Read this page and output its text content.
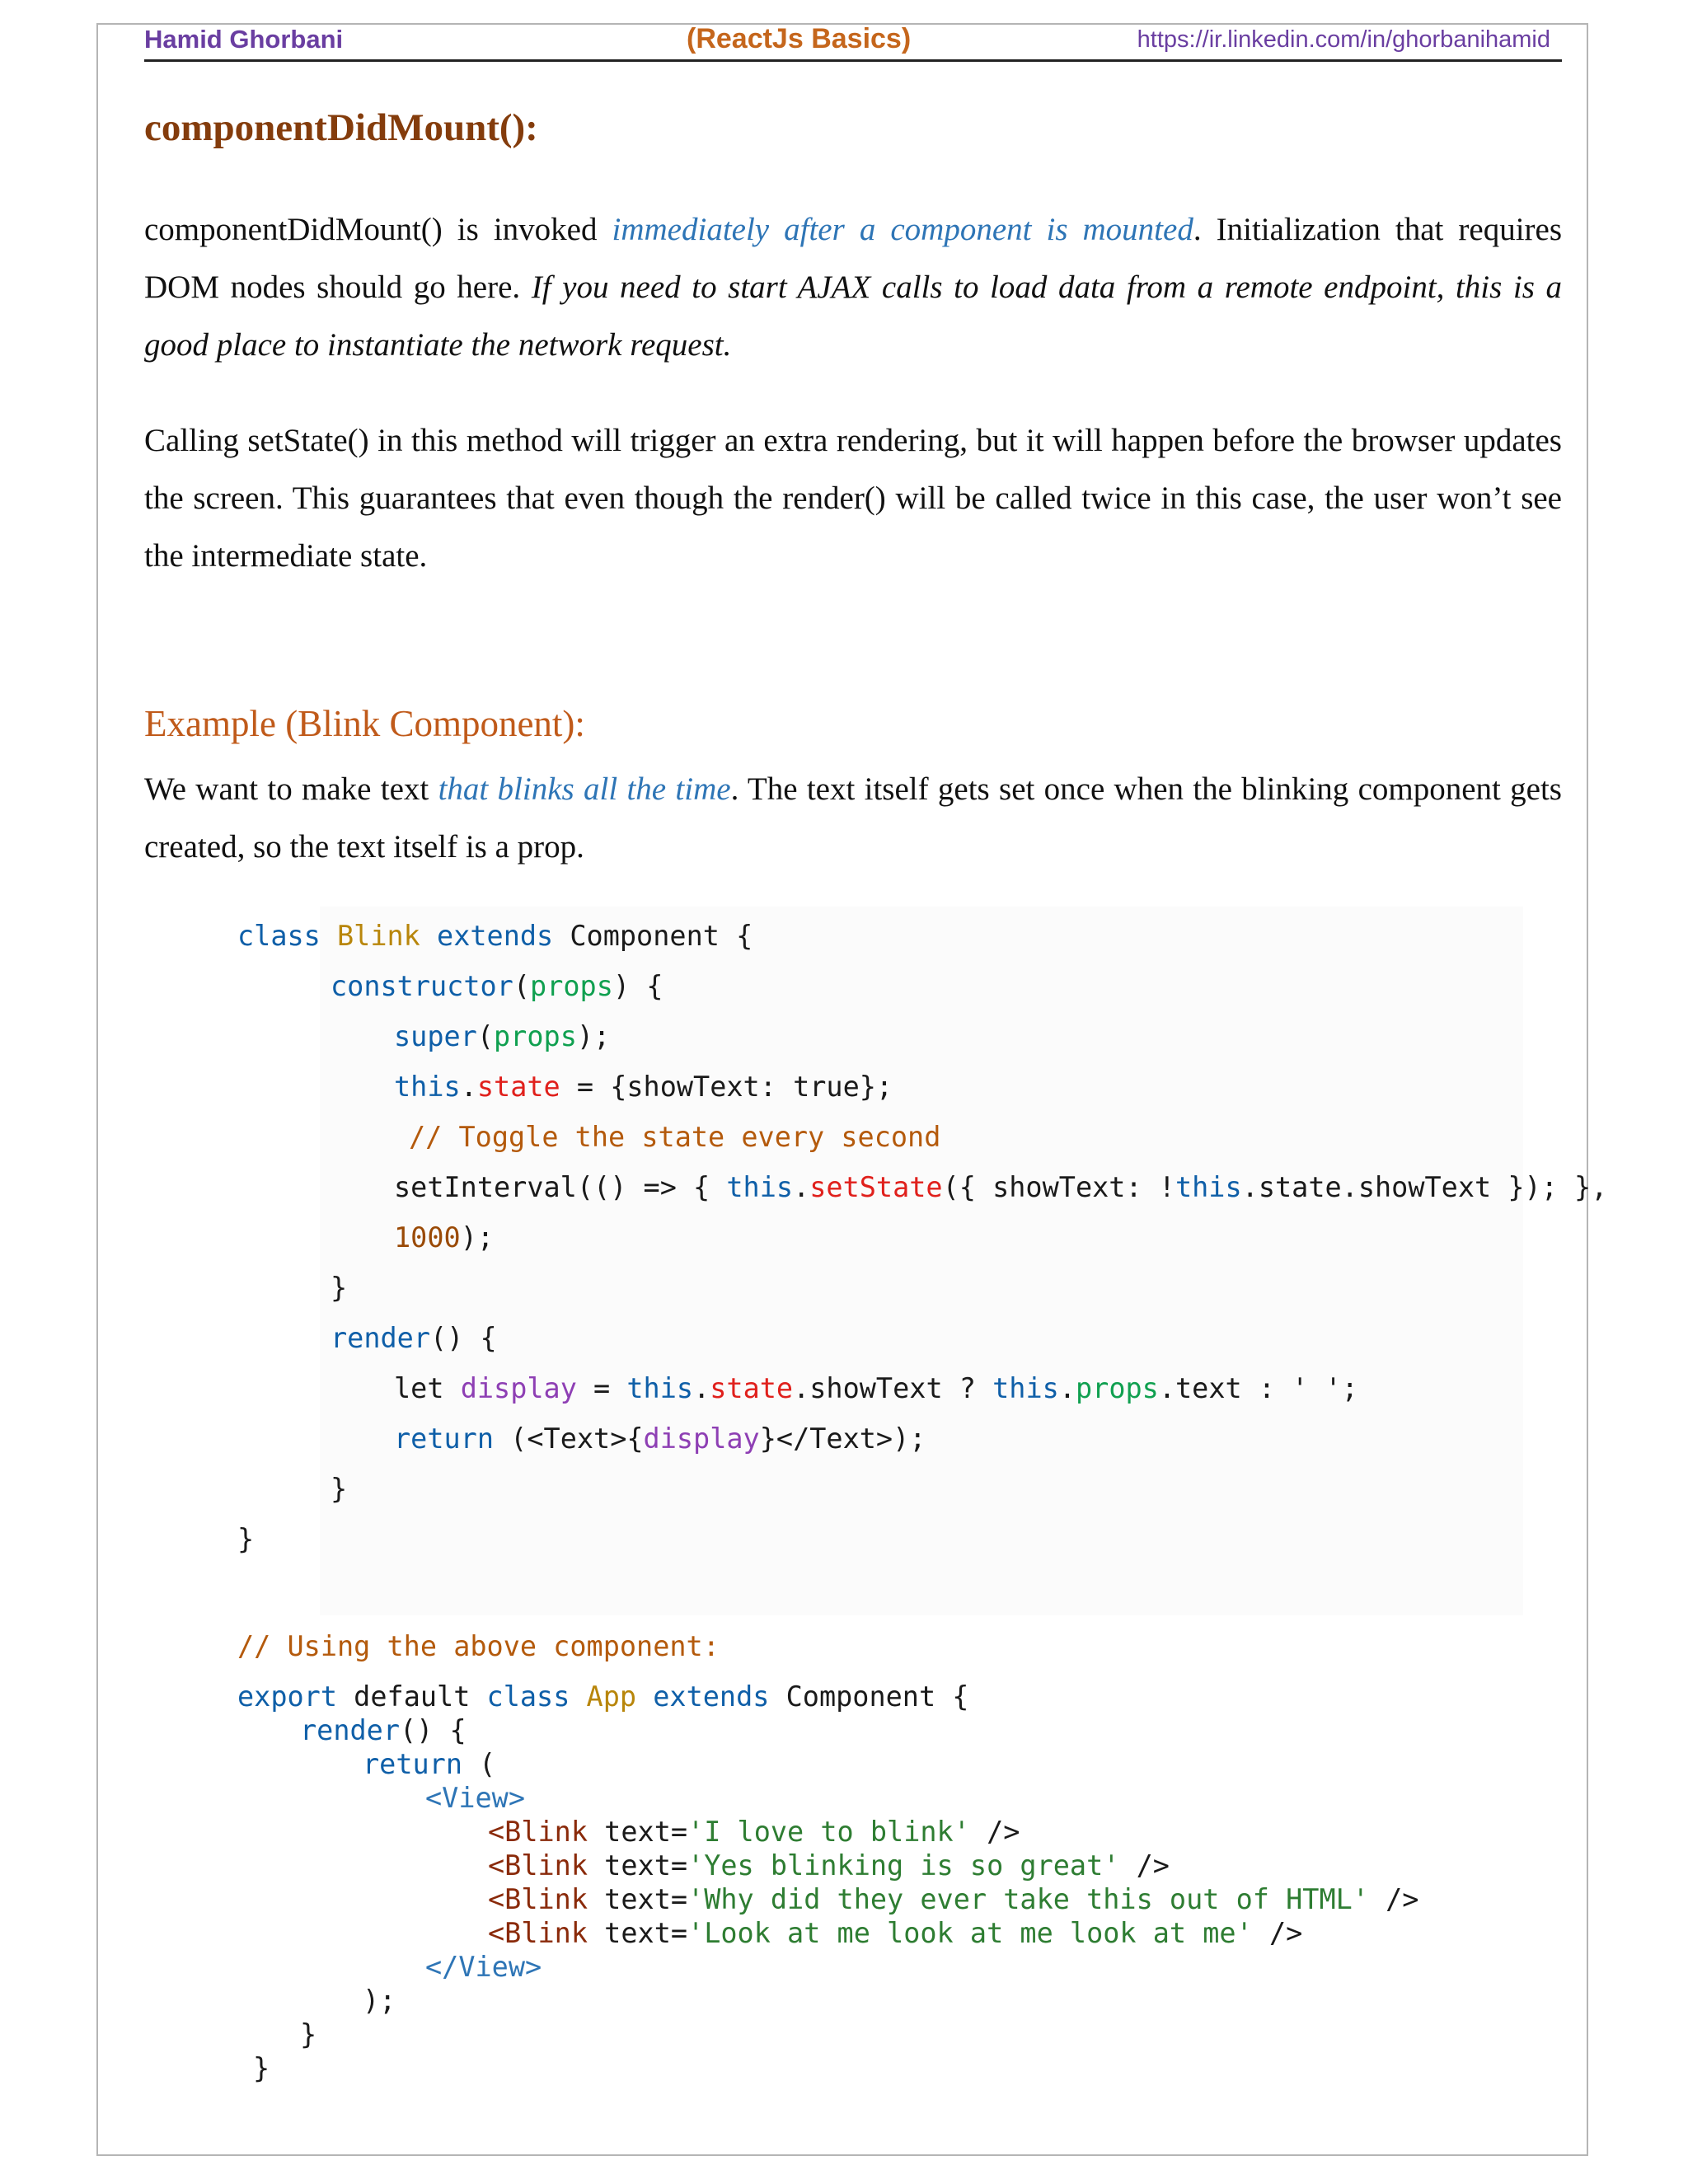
Hamid Ghorbani	(ReactJs Basics)	https://ir.linkedin.com/in/ghorbanihamid
componentDidMount():
componentDidMount() is invoked immediately after a component is mounted. Initialization that requires DOM nodes should go here. If you need to start AJAX calls to load data from a remote endpoint, this is a good place to instantiate the network request.
Calling setState() in this method will trigger an extra rendering, but it will happen before the browser updates the screen. This guarantees that even though the render() will be called twice in this case, the user won’t see the intermediate state.
Example (Blink Component):
We want to make text that blinks all the time. The text itself gets set once when the blinking component gets created, so the text itself is a prop.

class Blink extends Component {

constructor(props) {

super(props);

this.state = {showText: true};

// Toggle the state every second

setInterval(() => { this.setState({ showText: !this.state.showText }); },

1000);

}

render() {

let display = this.state.showText ? this.props.text : ' ';

return (<Text>{display}</Text>);

}

}

// Using the above component:

export default class App extends Component {

render() {

return (

<View>

<Blink text='I love to blink' />

<Blink text='Yes blinking is so great' />

<Blink text='Why did they ever take this out of HTML' />

<Blink text='Look at me look at me look at me' />

</View>

);

}

}
